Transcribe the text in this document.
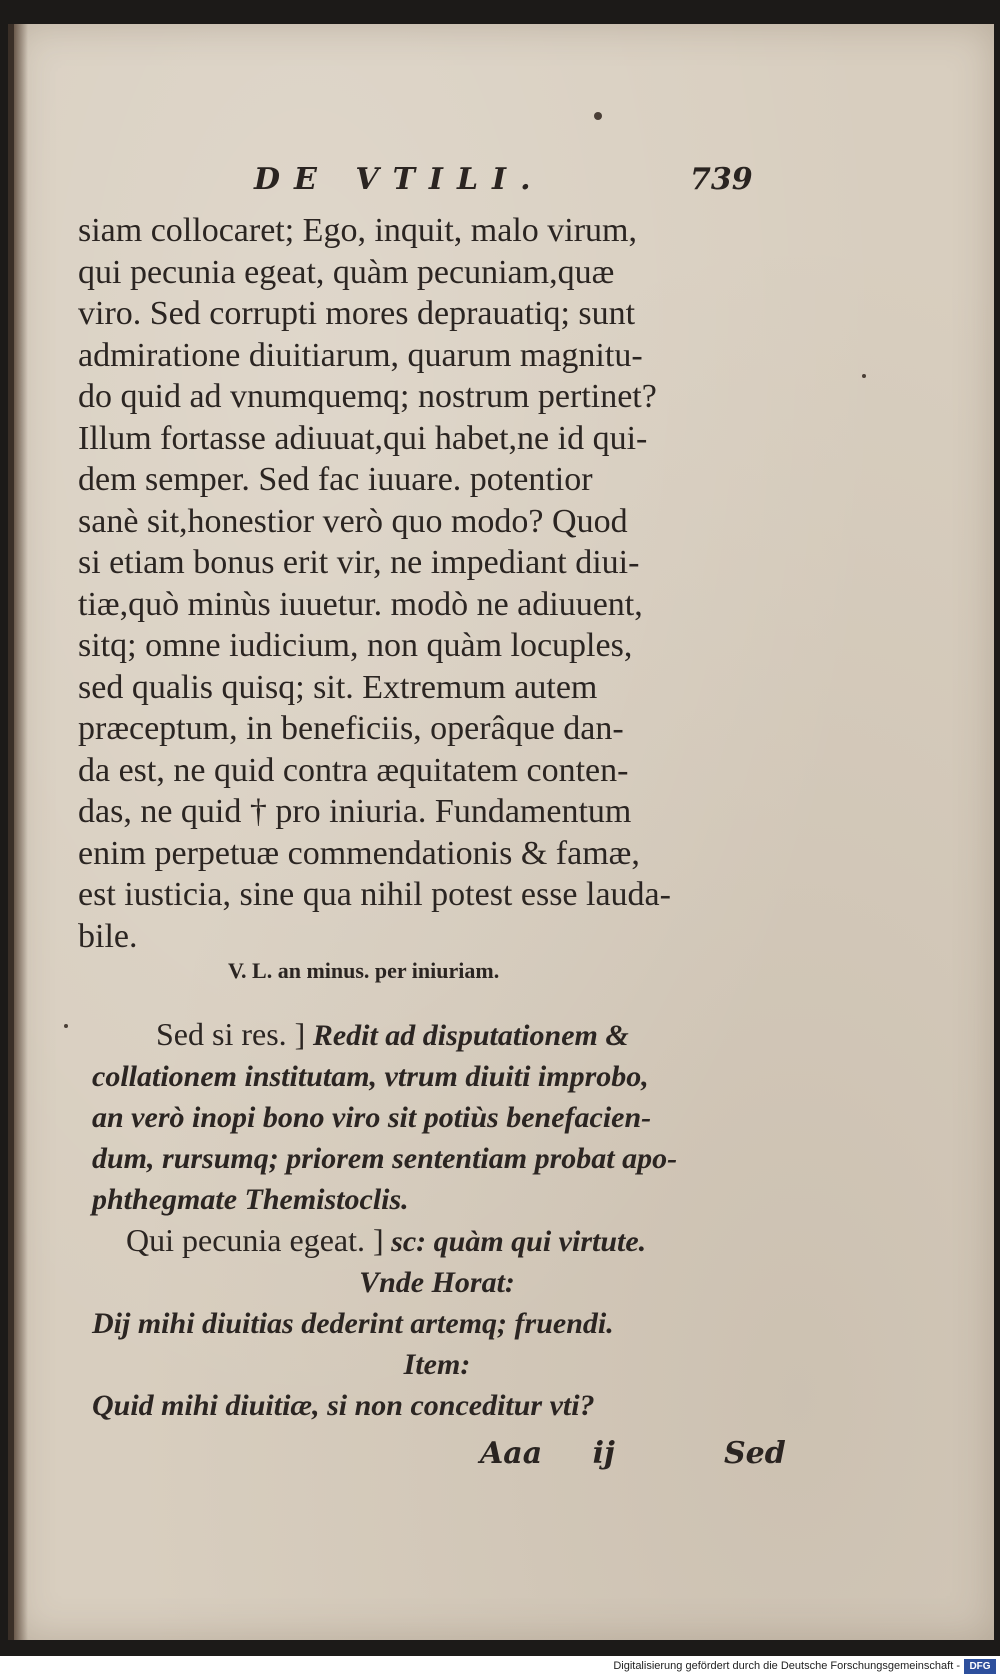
DE VTILI.	739
siam collocaret; Ego, inquit, malo virum,
qui pecunia egeat, quàm pecuniam,quæ
viro. Sed corrupti mores deprauatiq; sunt
admiratione diuitiarum, quarum magnitu-
do quid ad vnumquemq; nostrum pertinet?
Illum fortasse adiuuat,qui habet,ne id qui-
dem semper. Sed fac iuuare. potentior
sanè sit,honestior verò quo modo? Quod
si etiam bonus erit vir, ne impediant diui-
tiæ,quò minùs iuuetur. modò ne adiuuent,
sitq; omne iudicium, non quàm locuples,
sed qualis quisq; sit. Extremum autem
præceptum, in beneficiis, operâque dan-
da est, ne quid contra æquitatem conten-
das, ne quid † pro iniuria. Fundamentum
enim perpetuæ commendationis & famæ,
est iusticia, sine qua nihil potest esse lauda-
bile.
V. L. an minus. per iniuriam.
Sed si res. ] Redit ad disputationem &
collationem institutam, vtrum diuiti improbo,
an verò inopi bono viro sit potiùs benefacien-
dum, rursumq; priorem sententiam probat apo-
phthegmate Themistoclis.
Qui pecunia egeat. ] sc: quàm qui virtute.
Vnde Horat:
Dij mihi diuitias dederint artemq; fruendi.
Item:
Quid mihi diuitiæ, si non conceditur vti?
Aaa ij	Sed
Digitalisierung gefördert durch die Deutsche Forschungsgemeinschaft - DFG
